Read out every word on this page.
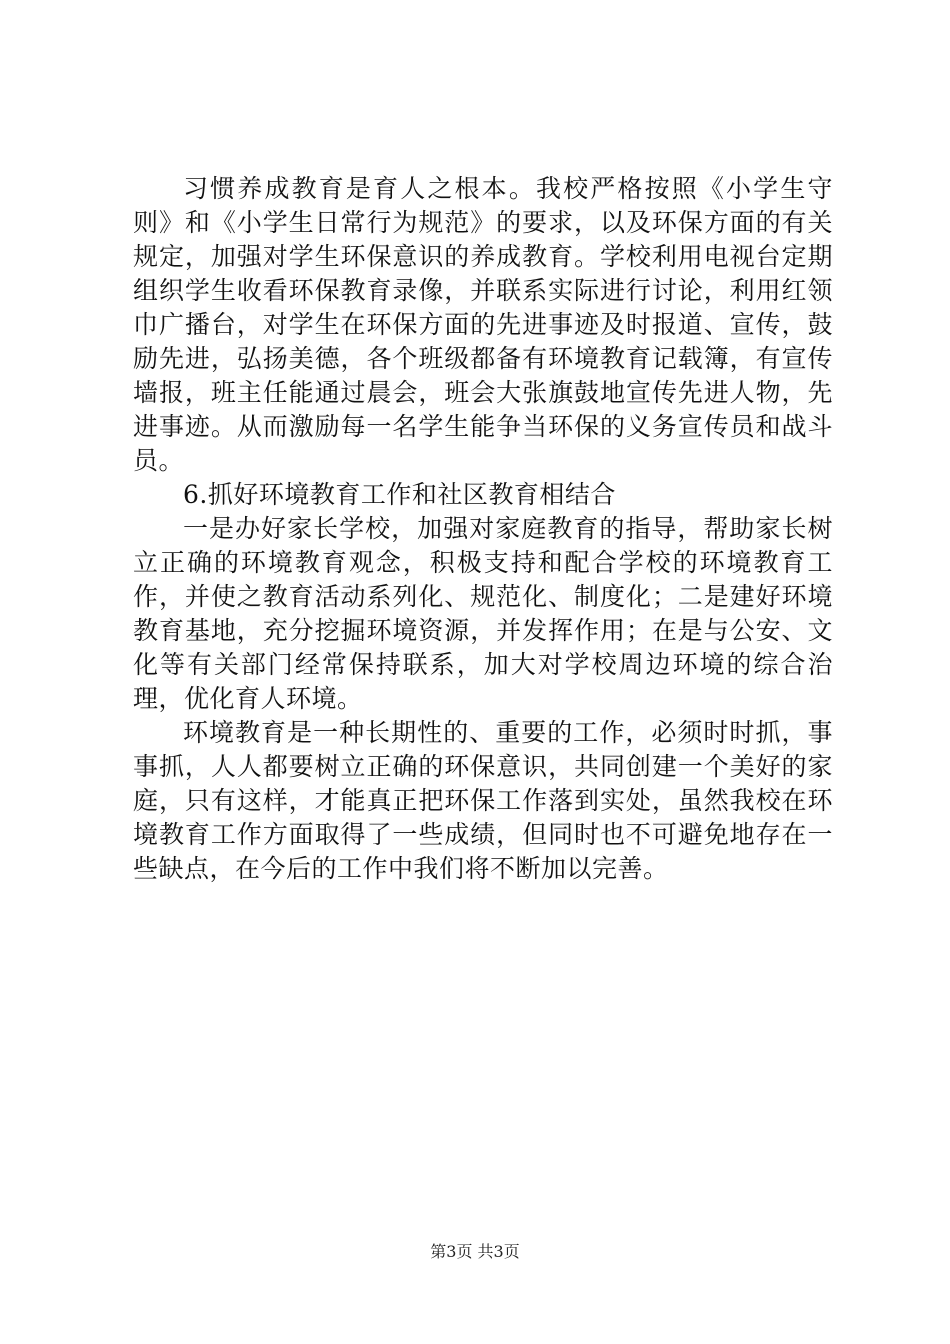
习惯养成教育是育人之根本。我校严格按照《小学生守则》和《小学生日常行为规范》的要求，以及环保方面的有关规定，加强对学生环保意识的养成教育。学校利用电视台定期组织学生收看环保教育录像，并联系实际进行讨论，利用红领巾广播台，对学生在环保方面的先进事迹及时报道、宣传，鼓励先进，弘扬美德，各个班级都备有环境教育记载簿，有宣传墙报，班主任能通过晨会，班会大张旗鼓地宣传先进人物，先进事迹。从而激励每一名学生能争当环保的义务宣传员和战斗员。

6.抓好环境教育工作和社区教育相结合

一是办好家长学校，加强对家庭教育的指导，帮助家长树立正确的环境教育观念，积极支持和配合学校的环境教育工作，并使之教育活动系列化、规范化、制度化；二是建好环境教育基地，充分挖掘环境资源，并发挥作用；在是与公安、文化等有关部门经常保持联系，加大对学校周边环境的综合治理，优化育人环境。

环境教育是一种长期性的、重要的工作，必须时时抓，事事抓，人人都要树立正确的环保意识，共同创建一个美好的家庭，只有这样，才能真正把环保工作落到实处，虽然我校在环境教育工作方面取得了一些成绩，但同时也不可避免地存在一些缺点，在今后的工作中我们将不断加以完善。

第3页 共3页
